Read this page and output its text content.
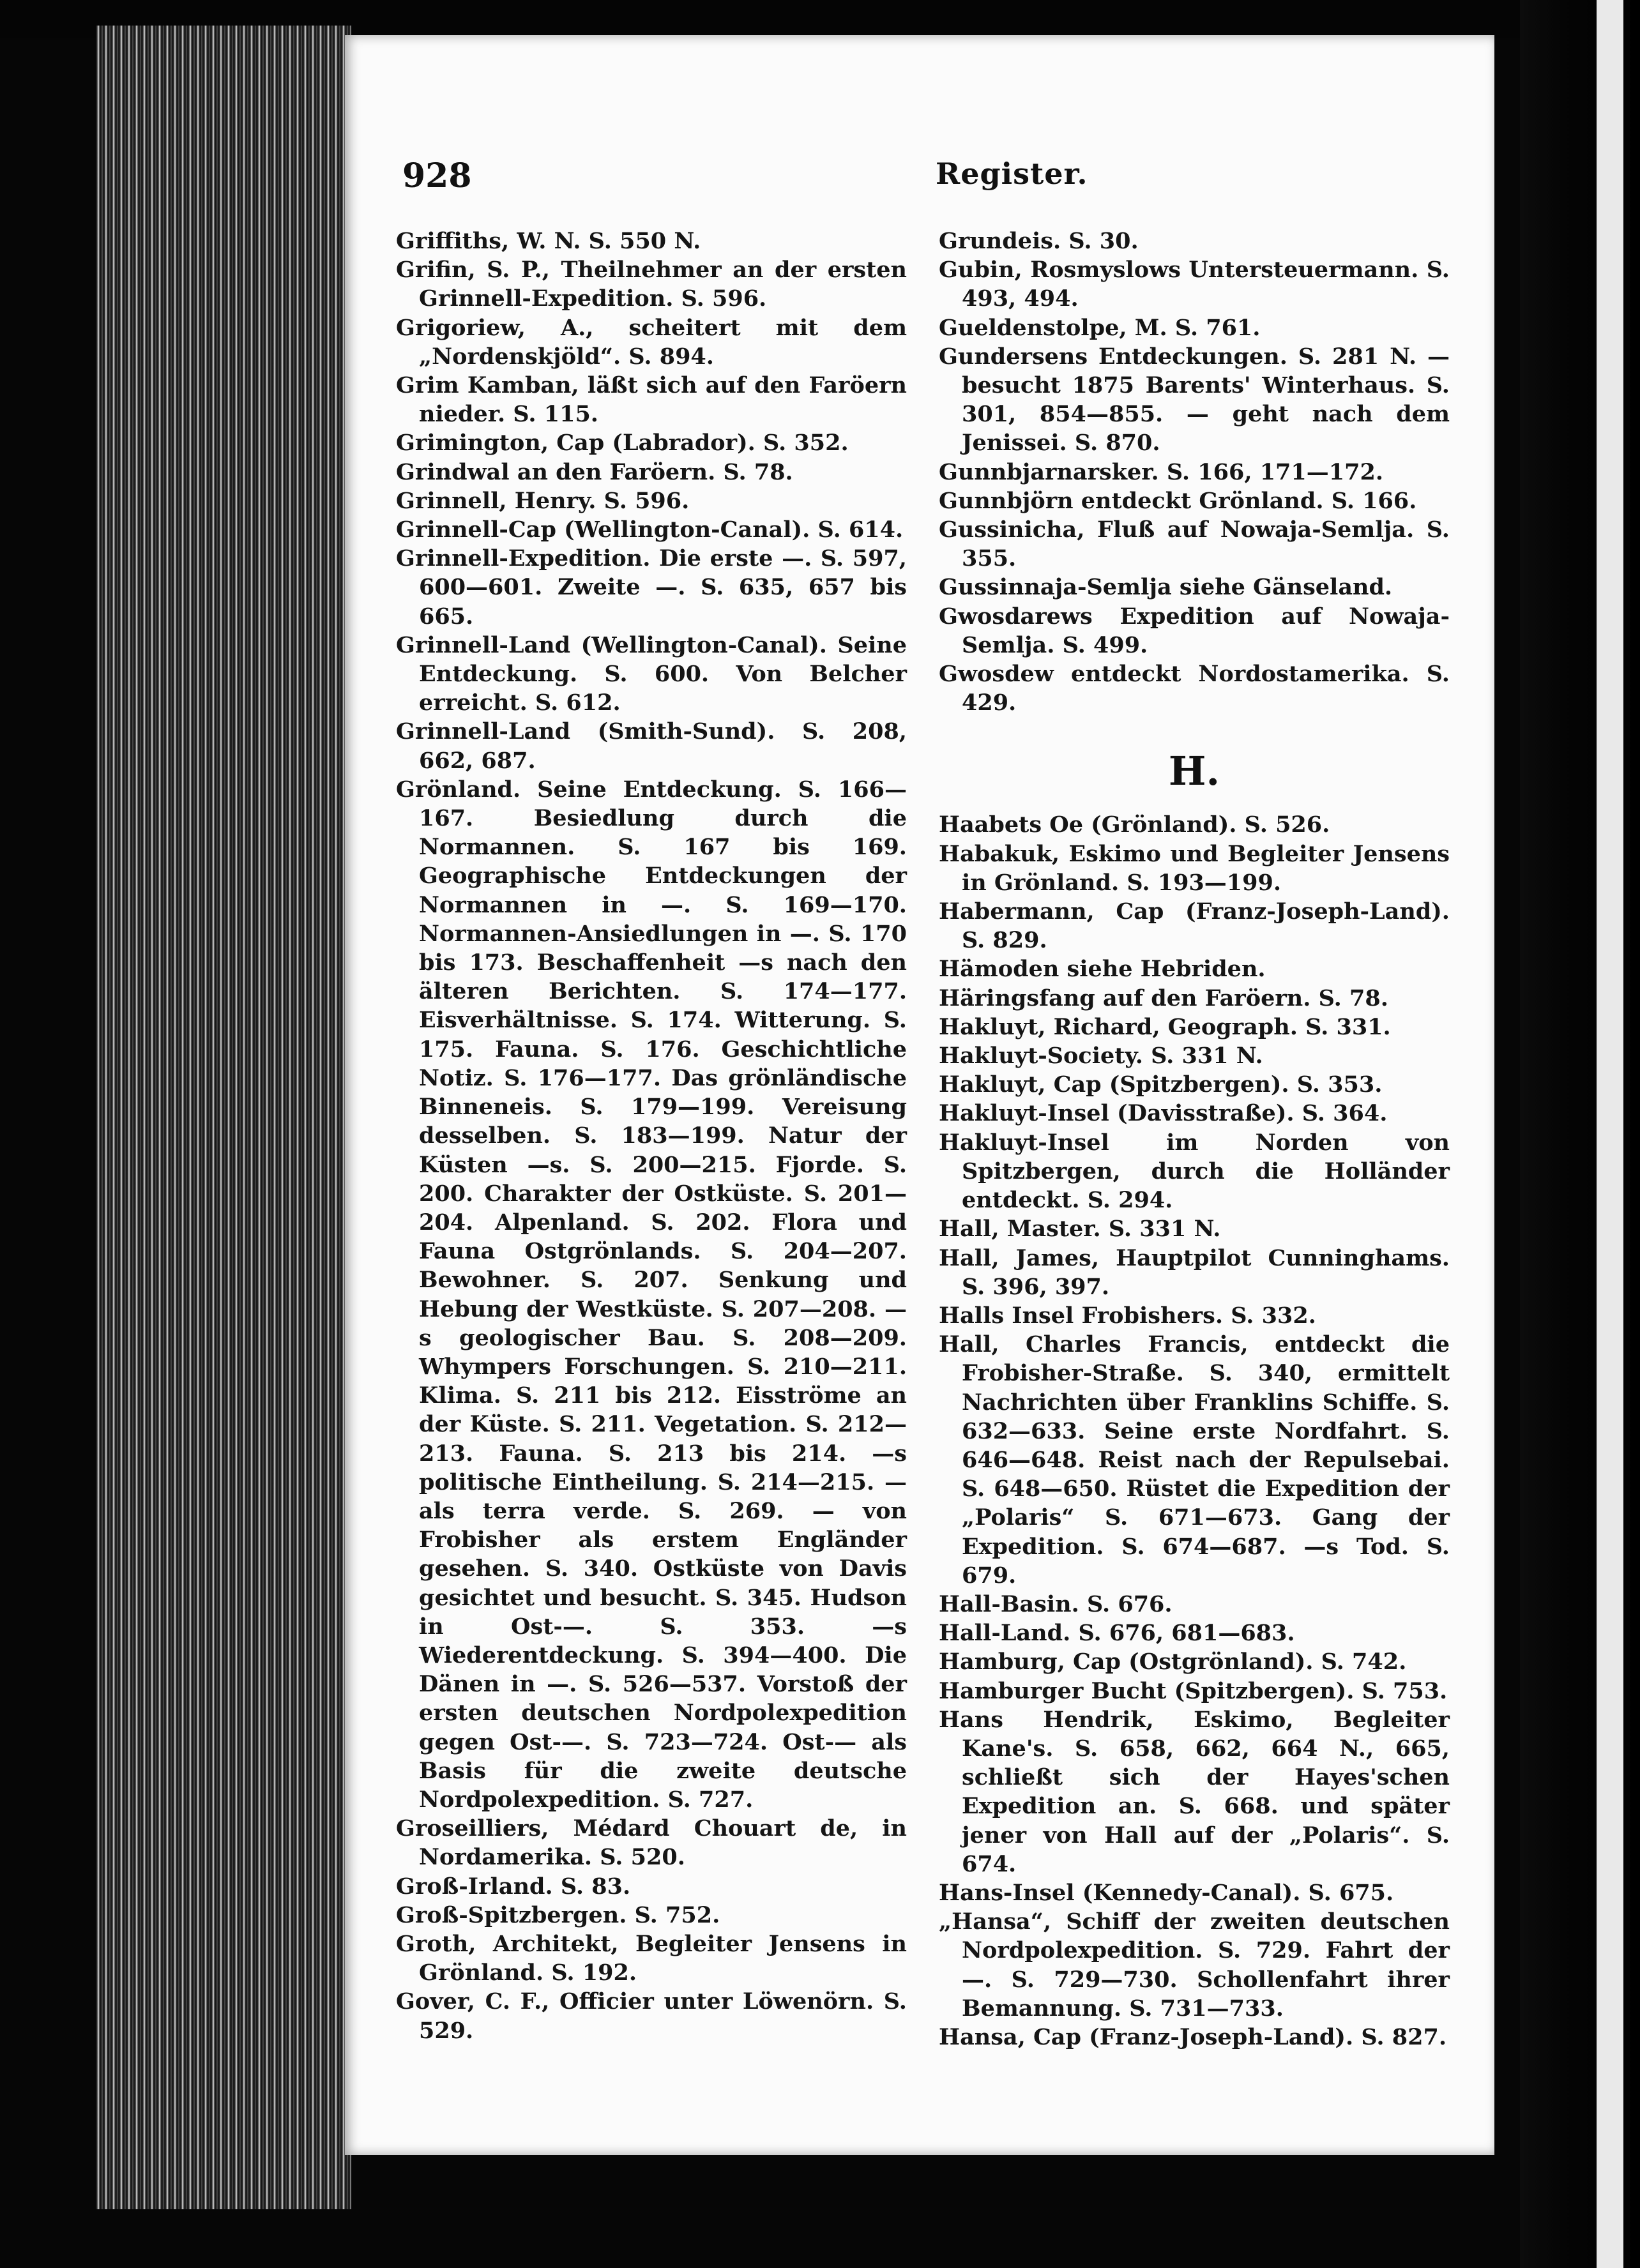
928	Register.

Griffiths, W. N. S. 550 N.

Grifin, S. P., Theilnehmer an der ersten Grinnell-Expedition. S. 596.

Grigoriew, A., scheitert mit dem „Nordenskjöld“. S. 894.

Grim Kamban, läßt sich auf den Faröern nieder. S. 115.

Grimington, Cap (Labrador). S. 352.

Grindwal an den Faröern. S. 78.

Grinnell, Henry. S. 596.

Grinnell-Cap (Wellington-Canal). S. 614.

Grinnell-Expedition. Die erste —. S. 597, 600—601. Zweite —. S. 635, 657 bis 665.

Grinnell-Land (Wellington-Canal). Seine Entdeckung. S. 600. Von Belcher erreicht. S. 612.

Grinnell-Land (Smith-Sund). S. 208, 662, 687.

Grönland. Seine Entdeckung. S. 166—167. Besiedlung durch die Normannen. S. 167 bis 169. Geographische Entdeckungen der Normannen in —. S. 169—170. Normannen-Ansiedlungen in —. S. 170 bis 173. Beschaffenheit —s nach den älteren Berichten. S. 174—177. Eisverhältnisse. S. 174. Witterung. S. 175. Fauna. S. 176. Geschichtliche Notiz. S. 176—177. Das grönländische Binneneis. S. 179—199. Vereisung desselben. S. 183—199. Natur der Küsten —s. S. 200—215. Fjorde. S. 200. Charakter der Ostküste. S. 201—204. Alpenland. S. 202. Flora und Fauna Ostgrönlands. S. 204—207. Bewohner. S. 207. Senkung und Hebung der Westküste. S. 207—208. —s geologischer Bau. S. 208—209. Whympers Forschungen. S. 210—211. Klima. S. 211 bis 212. Eisströme an der Küste. S. 211. Vegetation. S. 212—213. Fauna. S. 213 bis 214. —s politische Eintheilung. S. 214—215. — als terra verde. S. 269. — von Frobisher als erstem Engländer gesehen. S. 340. Ostküste von Davis gesichtet und besucht. S. 345. Hudson in Ost-—. S. 353. —s Wiederentdeckung. S. 394—400. Die Dänen in —. S. 526—537. Vorstoß der ersten deutschen Nordpolexpedition gegen Ost-—. S. 723—724. Ost-— als Basis für die zweite deutsche Nordpolexpedition. S. 727.

Groseilliers, Médard Chouart de, in Nordamerika. S. 520.

Groß-Irland. S. 83.

Groß-Spitzbergen. S. 752.

Groth, Architekt, Begleiter Jensens in Grönland. S. 192.

Gover, C. F., Officier unter Löwenörn. S. 529.

Grundeis. S. 30.

Gubin, Rosmyslows Untersteuermann. S. 493, 494.

Gueldenstolpe, M. S. 761.

Gundersens Entdeckungen. S. 281 N. — besucht 1875 Barents' Winterhaus. S. 301, 854—855. — geht nach dem Jenissei. S. 870.

Gunnbjarnarsker. S. 166, 171—172.

Gunnbjörn entdeckt Grönland. S. 166.

Gussinicha, Fluß auf Nowaja-Semlja. S. 355.

Gussinnaja-Semlja siehe Gänseland.

Gwosdarews Expedition auf Nowaja-Semlja. S. 499.

Gwosdew entdeckt Nordostamerika. S. 429.

H.

Haabets Oe (Grönland). S. 526.

Habakuk, Eskimo und Begleiter Jensens in Grönland. S. 193—199.

Habermann, Cap (Franz-Joseph-Land). S. 829.

Hämoden siehe Hebriden.

Häringsfang auf den Faröern. S. 78.

Hakluyt, Richard, Geograph. S. 331.

Hakluyt-Society. S. 331 N.

Hakluyt, Cap (Spitzbergen). S. 353.

Hakluyt-Insel (Davisstraße). S. 364.

Hakluyt-Insel im Norden von Spitzbergen, durch die Holländer entdeckt. S. 294.

Hall, Master. S. 331 N.

Hall, James, Hauptpilot Cunninghams. S. 396, 397.

Halls Insel Frobishers. S. 332.

Hall, Charles Francis, entdeckt die Frobisher-Straße. S. 340, ermittelt Nachrichten über Franklins Schiffe. S. 632—633. Seine erste Nordfahrt. S. 646—648. Reist nach der Repulsebai. S. 648—650. Rüstet die Expedition der „Polaris“ S. 671—673. Gang der Expedition. S. 674—687. —s Tod. S. 679.

Hall-Basin. S. 676.

Hall-Land. S. 676, 681—683.

Hamburg, Cap (Ostgrönland). S. 742.

Hamburger Bucht (Spitzbergen). S. 753.

Hans Hendrik, Eskimo, Begleiter Kane's. S. 658, 662, 664 N., 665, schließt sich der Hayes'schen Expedition an. S. 668. und später jener von Hall auf der „Polaris“. S. 674.

Hans-Insel (Kennedy-Canal). S. 675.

„Hansa“, Schiff der zweiten deutschen Nordpolexpedition. S. 729. Fahrt der —. S. 729—730. Schollenfahrt ihrer Bemannung. S. 731—733.

Hansa, Cap (Franz-Joseph-Land). S. 827.
